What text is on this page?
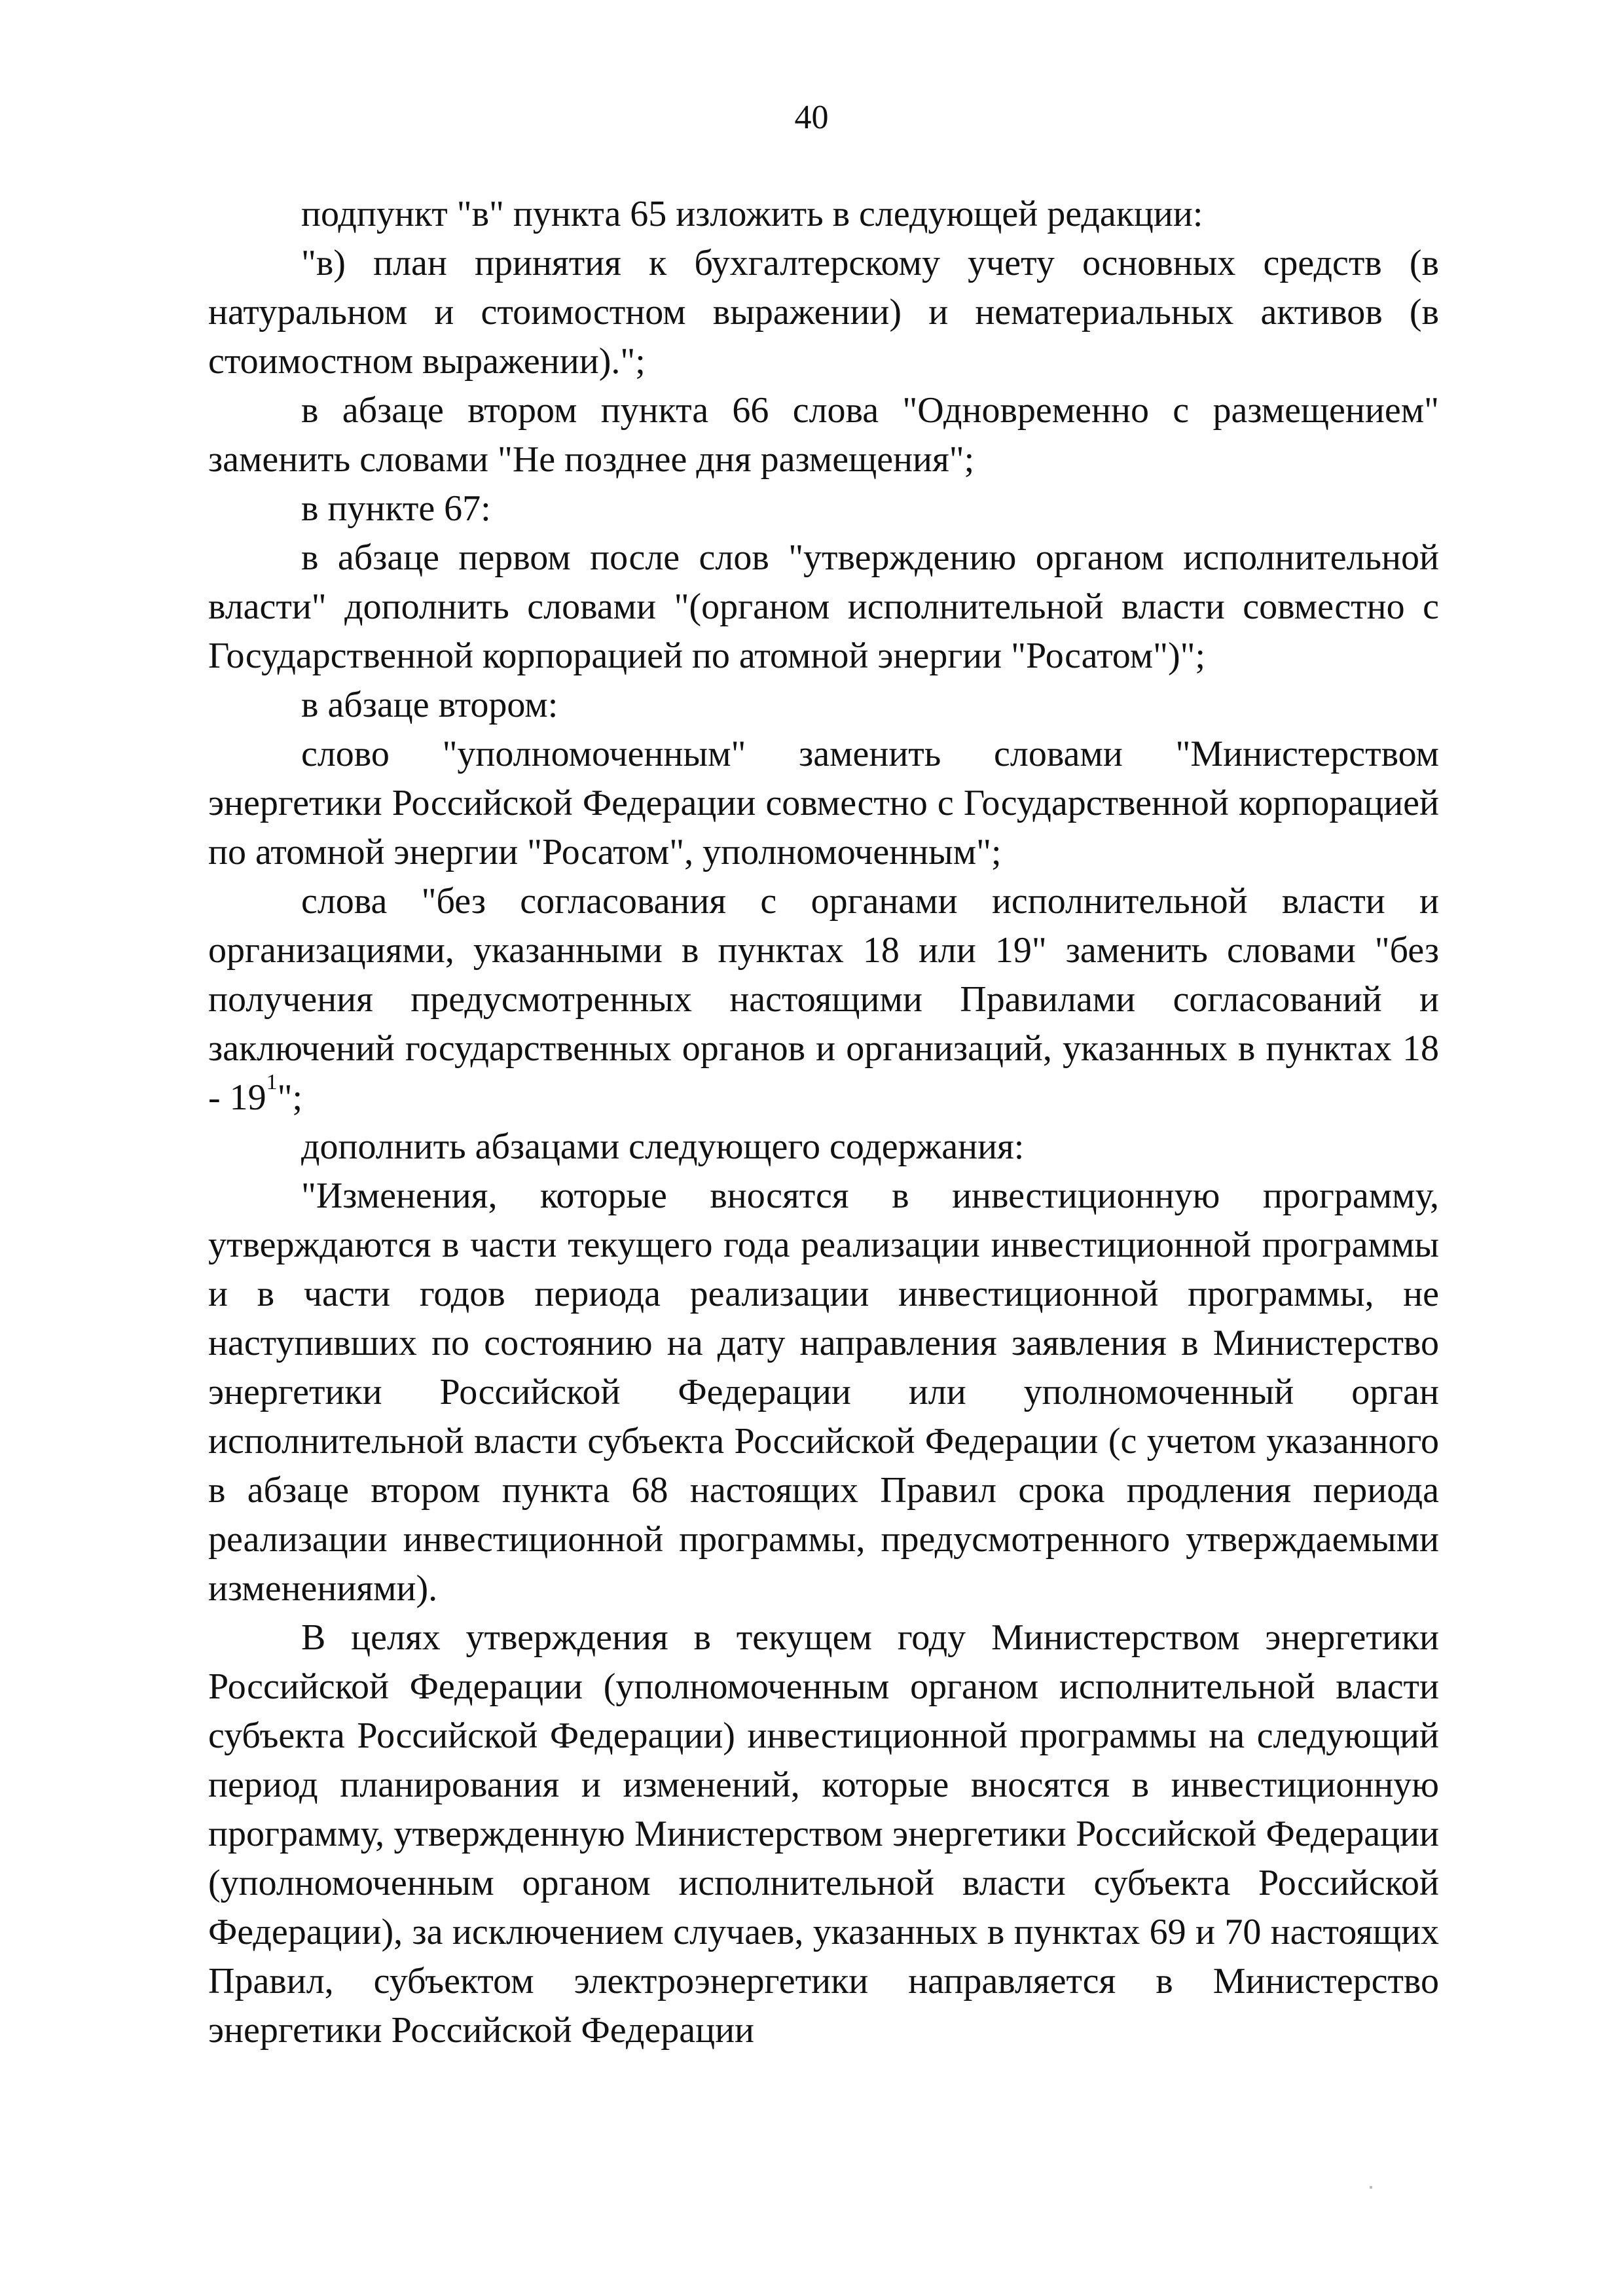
40

подпункт "в" пункта 65 изложить в следующей редакции:

"в) план принятия к бухгалтерскому учету основных средств (в натуральном и стоимостном выражении) и нематериальных активов (в стоимостном выражении).";

в абзаце втором пункта 66 слова "Одновременно с размещением" заменить словами "Не позднее дня размещения";

в пункте 67:

в абзаце первом после слов "утверждению органом исполнительной власти" дополнить словами "(органом исполнительной власти совместно с Государственной корпорацией по атомной энергии "Росатом")";

в абзаце втором:

слово "уполномоченным" заменить словами "Министерством энергетики Российской Федерации совместно с Государственной корпорацией по атомной энергии "Росатом", уполномоченным";

слова "без согласования с органами исполнительной власти и организациями, указанными в пунктах 18 или 19" заменить словами "без получения предусмотренных настоящими Правилами согласований и заключений государственных органов и организаций, указанных в пунктах $18 - 19^1$";

дополнить абзацами следующего содержания:

"Изменения, которые вносятся в инвестиционную программу, утверждаются в части текущего года реализации инвестиционной программы и в части годов периода реализации инвестиционной программы, не наступивших по состоянию на дату направления заявления в Министерство энергетики Российской Федерации или уполномоченный орган исполнительной власти субъекта Российской Федерации (с учетом указанного в абзаце втором пункта 68 настоящих Правил срока продления периода реализации инвестиционной программы, предусмотренного утверждаемыми изменениями).

В целях утверждения в текущем году Министерством энергетики Российской Федерации (уполномоченным органом исполнительной власти субъекта Российской Федерации) инвестиционной программы на следующий период планирования и изменений, которые вносятся в инвестиционную программу, утвержденную Министерством энергетики Российской Федерации (уполномоченным органом исполнительной власти субъекта Российской Федерации), за исключением случаев, указанных в пунктах 69 и 70 настоящих Правил, субъектом электроэнергетики направляется в Министерство энергетики Российской Федерации
